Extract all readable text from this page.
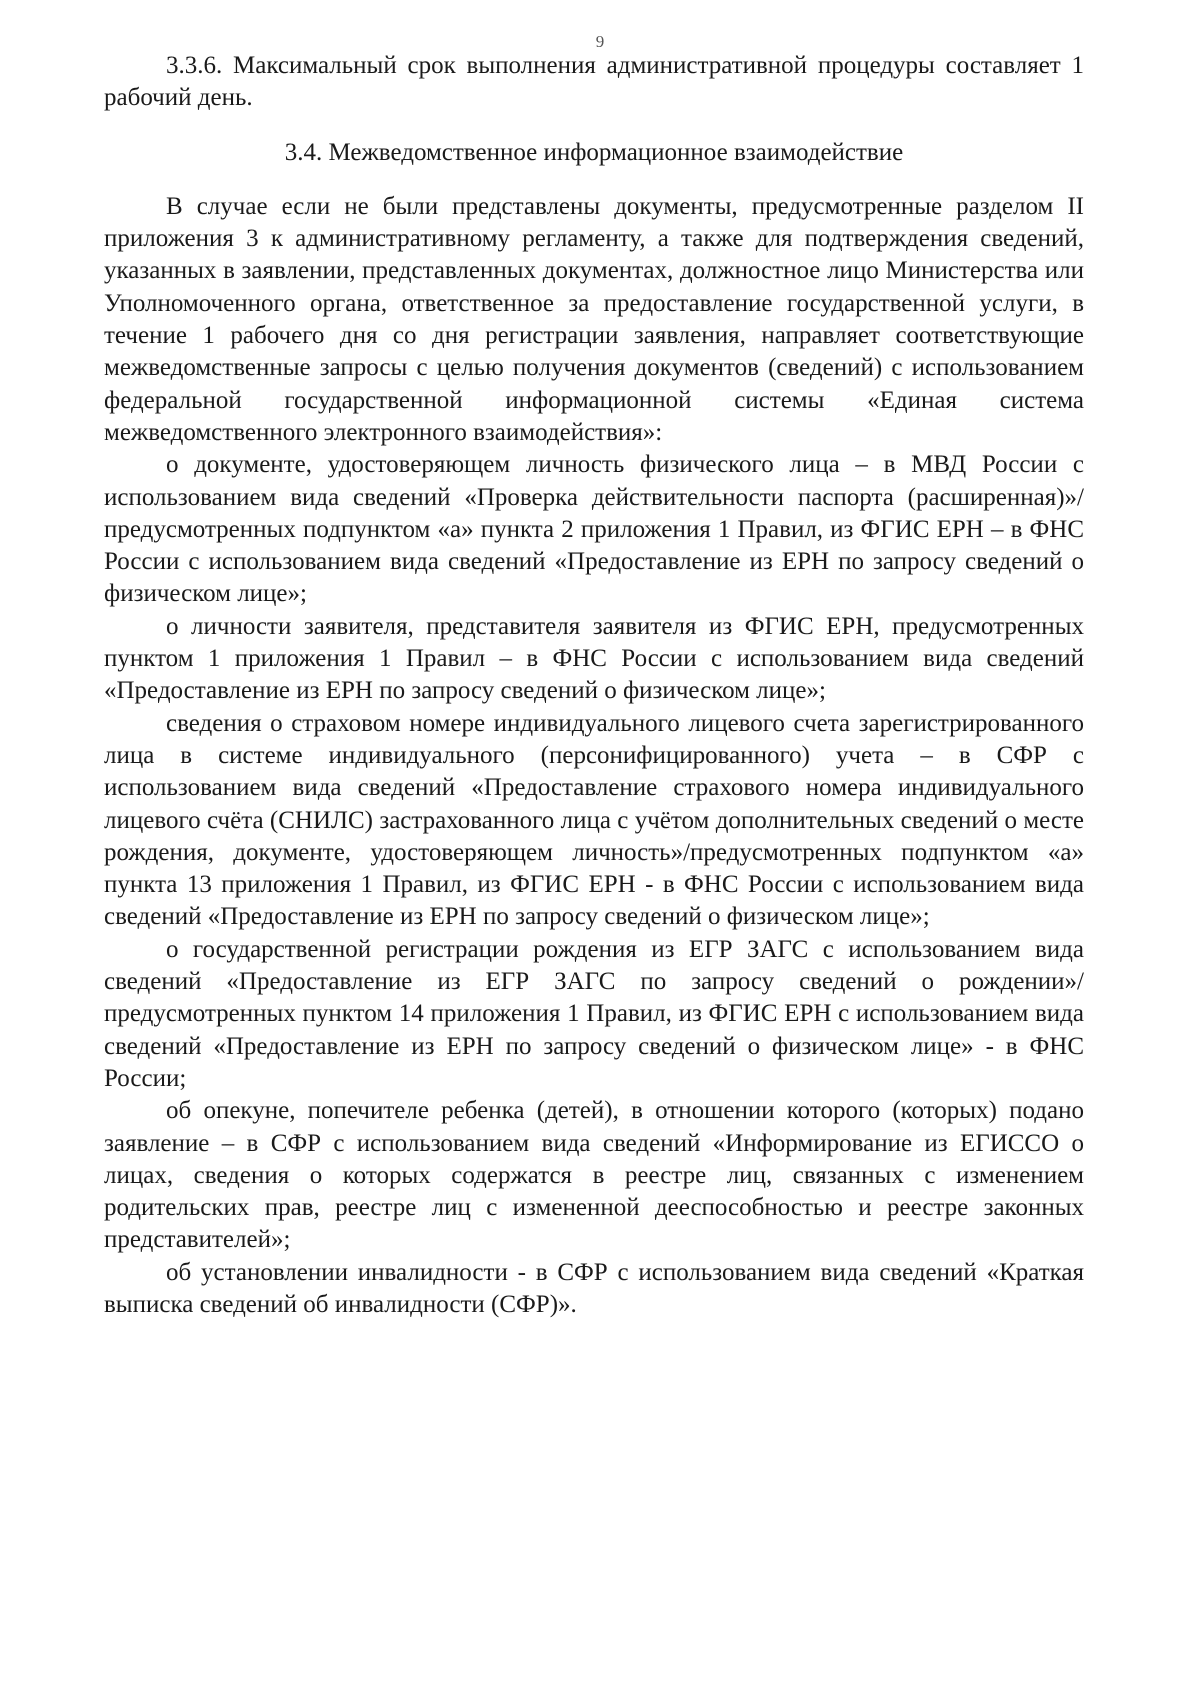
9

3.3.6. Максимальный срок выполнения административной процедуры составляет 1 рабочий день.

3.4. Межведомственное информационное взаимодействие

В случае если не были представлены документы, предусмотренные разделом II приложения 3 к административному регламенту, а также для подтверждения сведений, указанных в заявлении, представленных документах, должностное лицо Министерства или Уполномоченного органа, ответственное за предоставление государственной услуги, в течение 1 рабочего дня со дня регистрации заявления, направляет соответствующие межведомственные запросы с целью получения документов (сведений) с использованием федеральной государственной информационной системы «Единая система межведомственного электронного взаимодействия»:

о документе, удостоверяющем личность физического лица – в МВД России с использованием вида сведений «Проверка действительности паспорта (расширенная)»/предусмотренных подпунктом «а» пункта 2 приложения 1 Правил, из ФГИС ЕРН – в ФНС России с использованием вида сведений «Предоставление из ЕРН по запросу сведений о физическом лице»;

о личности заявителя, представителя заявителя из ФГИС ЕРН, предусмотренных пунктом 1 приложения 1 Правил – в ФНС России с использованием вида сведений «Предоставление из ЕРН по запросу сведений о физическом лице»;

сведения о страховом номере индивидуального лицевого счета зарегистрированного лица в системе индивидуального (персонифицированного) учета – в СФР с использованием вида сведений «Предоставление страхового номера индивидуального лицевого счёта (СНИЛС) застрахованного лица с учётом дополнительных сведений о месте рождения, документе, удостоверяющем личность»/предусмотренных подпунктом «а» пункта 13 приложения 1 Правил, из ФГИС ЕРН - в ФНС России с использованием вида сведений «Предоставление из ЕРН по запросу сведений о физическом лице»;

о государственной регистрации рождения из ЕГР ЗАГС с использованием вида сведений «Предоставление из ЕГР ЗАГС по запросу сведений о рождении»/предусмотренных пунктом 14 приложения 1 Правил, из ФГИС ЕРН с использованием вида сведений «Предоставление из ЕРН по запросу сведений о физическом лице» - в ФНС России;

об опекуне, попечителе ребенка (детей), в отношении которого (которых) подано заявление – в СФР с использованием вида сведений «Информирование из ЕГИССО о лицах, сведения о которых содержатся в реестре лиц, связанных с изменением родительских прав, реестре лиц с измененной дееспособностью и реестре законных представителей»;

об установлении инвалидности - в СФР с использованием вида сведений «Краткая выписка сведений об инвалидности (СФР)».
